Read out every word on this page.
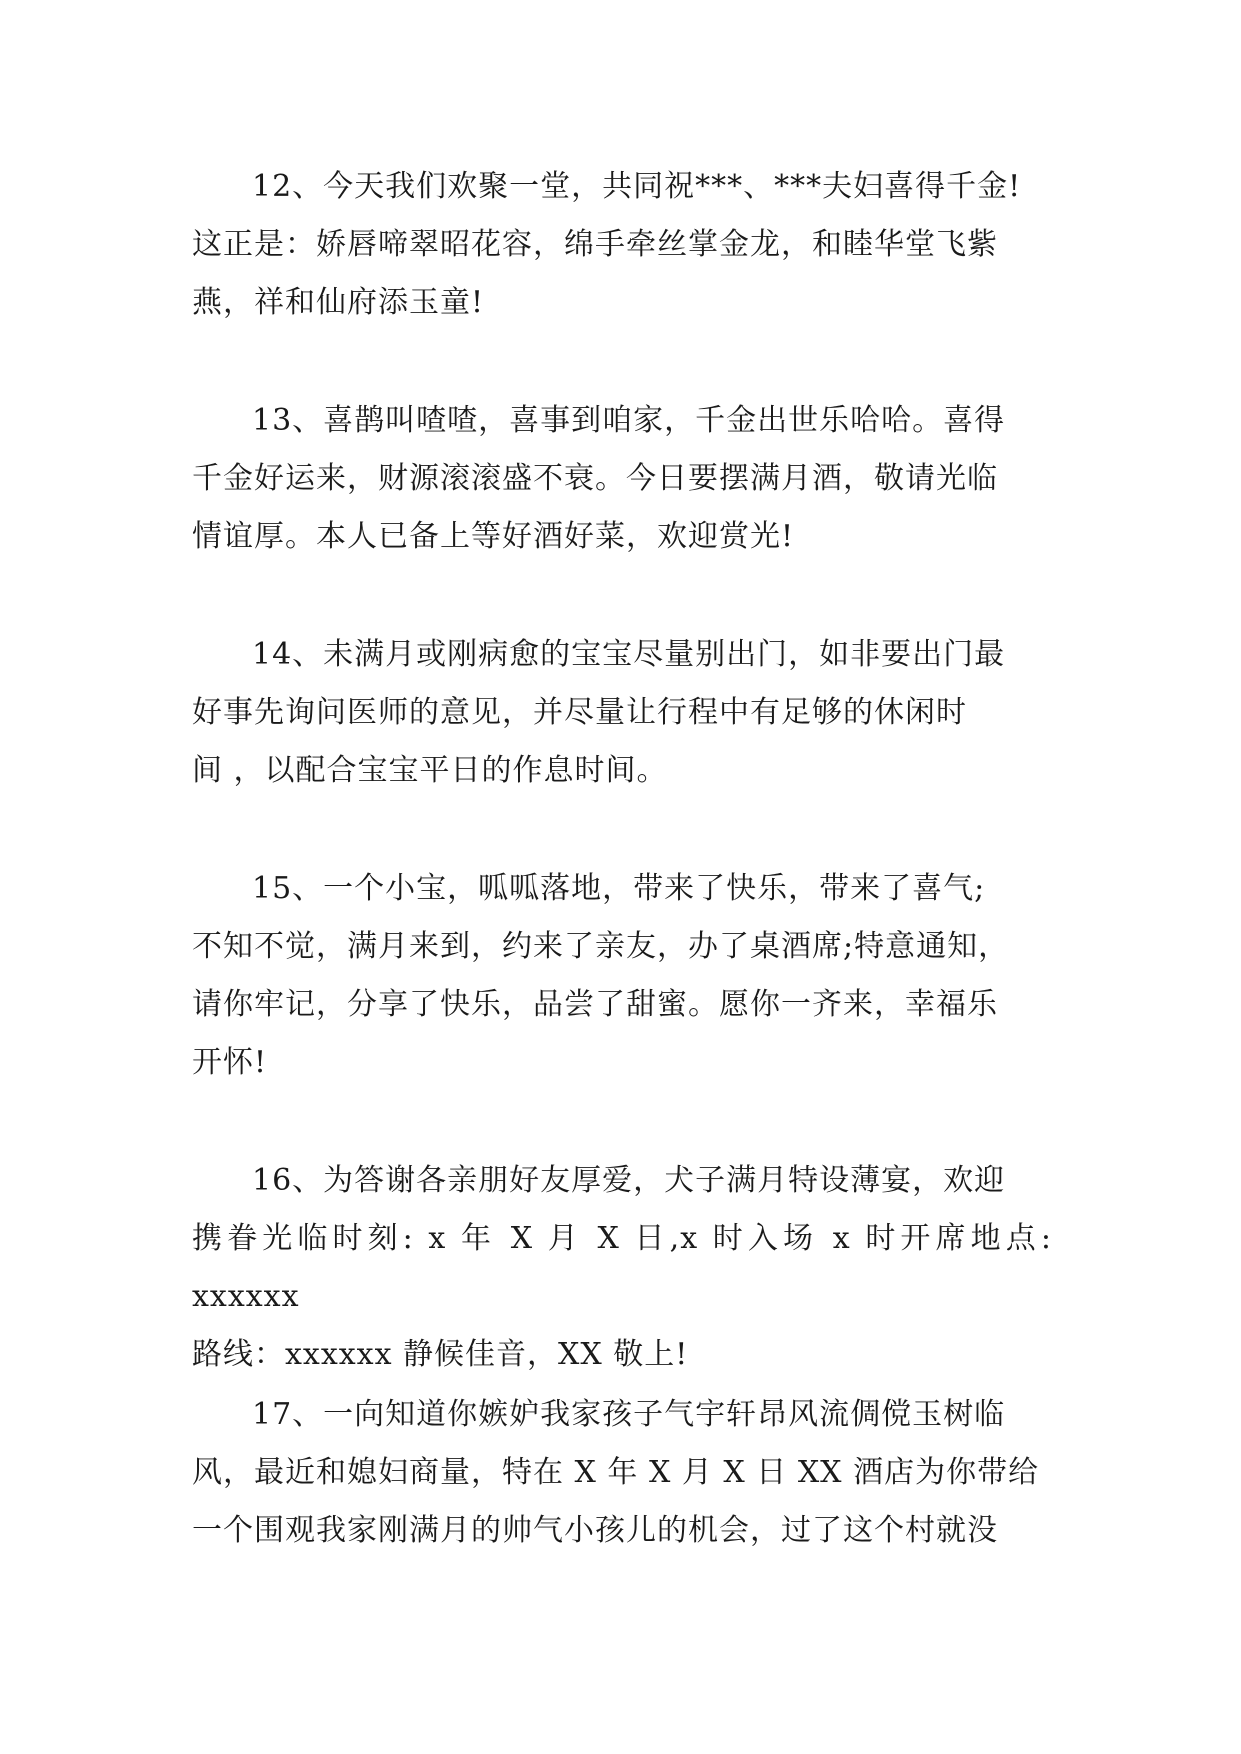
12、今天我们欢聚一堂，共同祝***、***夫妇喜得千金!
这正是：娇唇啼翠昭花容，绵手牵丝掌金龙，和睦华堂飞紫
燕，祥和仙府添玉童!
13、喜鹊叫喳喳，喜事到咱家，千金出世乐哈哈。喜得
千金好运来，财源滚滚盛不衰。今日要摆满月酒，敬请光临
情谊厚。本人已备上等好酒好菜，欢迎赏光!
14、未满月或刚病愈的宝宝尽量别出门，如非要出门最
好事先询问医师的意见，并尽量让行程中有足够的休闲时
间 ，以配合宝宝平日的作息时间。
15、一个小宝，呱呱落地，带来了快乐，带来了喜气;
不知不觉，满月来到，约来了亲友，办了桌酒席;特意通知，
请你牢记，分享了快乐，品尝了甜蜜。愿你一齐来，幸福乐
开怀!
16、为答谢各亲朋好友厚爱，犬子满月特设薄宴，欢迎
携眷光临时刻: x 年 X 月 X 日,x 时入场 x 时开席地点: xxxxxx
路线：xxxxxx 静候佳音，XX 敬上!
17、一向知道你嫉妒我家孩子气宇轩昂风流倜傥玉树临
风，最近和媳妇商量，特在 X 年 X 月 X 日 XX 酒店为你带给
一个围观我家刚满月的帅气小孩儿的机会，过了这个村就没
